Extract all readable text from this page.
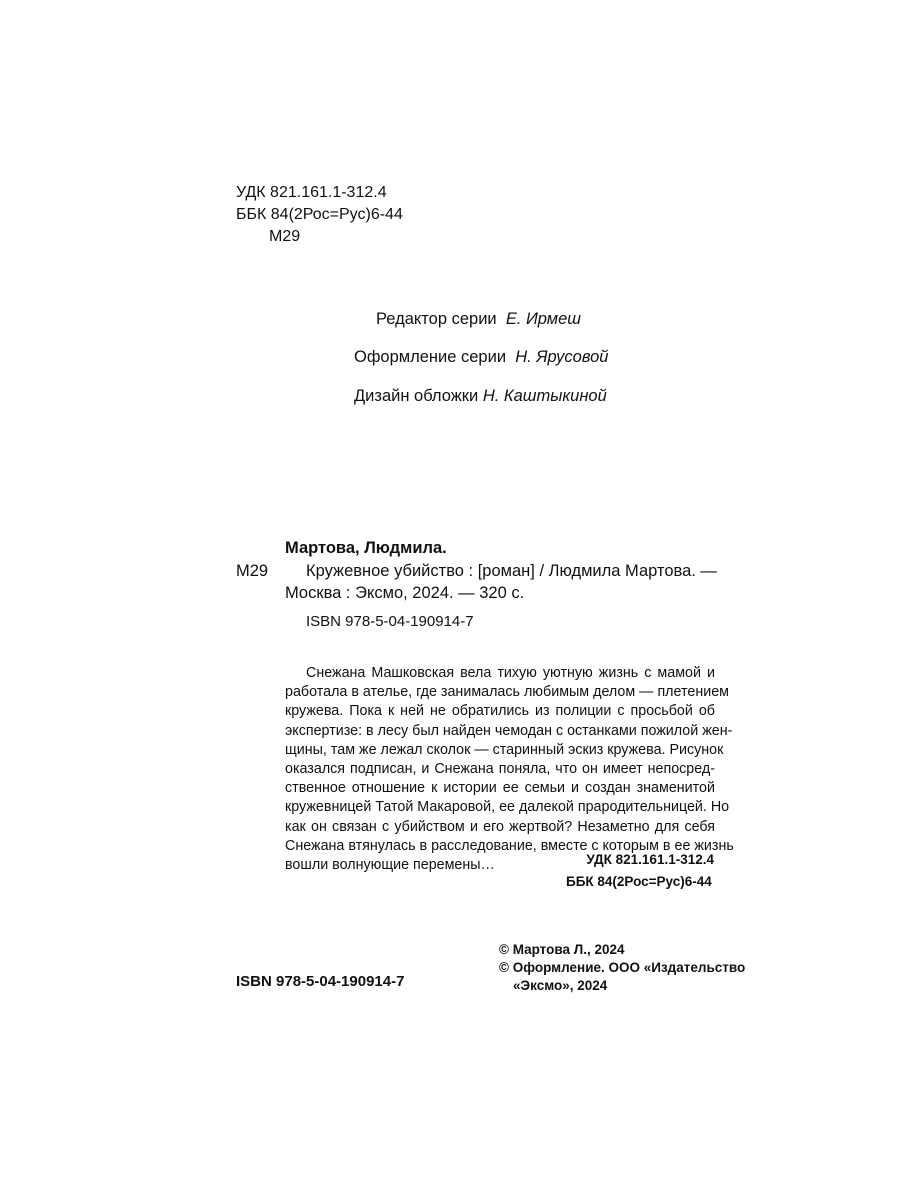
УДК 821.161.1-312.4
ББК 84(2Рос=Рус)6-44
М29
Редактор серии Е. Ирмеш
Оформление серии Н. Ярусовой
Дизайн обложки Н. Каштыкиной
Мартова, Людмила.
М29 Кружевное убийство : [роман] / Людмила Мартова. —
Москва : Эксмо, 2024. — 320 с.
ISBN 978-5-04-190914-7
Снежана Машковская вела тихую уютную жизнь с мамой и
работала в ателье, где занималась любимым делом — плетением
кружева. Пока к ней не обратились из полиции с просьбой об
экспертизе: в лесу был найден чемодан с останками пожилой жен-
щины, там же лежал сколок — старинный эскиз кружева. Рисунок
оказался подписан, и Снежана поняла, что он имеет непосред-
ственное отношение к истории ее семьи и создан знаменитой
кружевницей Татой Макаровой, ее далекой прародительницей. Но
как он связан с убийством и его жертвой? Незаметно для себя
Снежана втянулась в расследование, вместе с которым в ее жизнь
вошли волнующие перемены…	УДК 821.161.1-312.4
ББК 84(2Рос=Рус)6-44
© Мартова Л., 2024
© Оформление. ООО «Издательство
«Эксмо», 2024
ISBN 978-5-04-190914-7
